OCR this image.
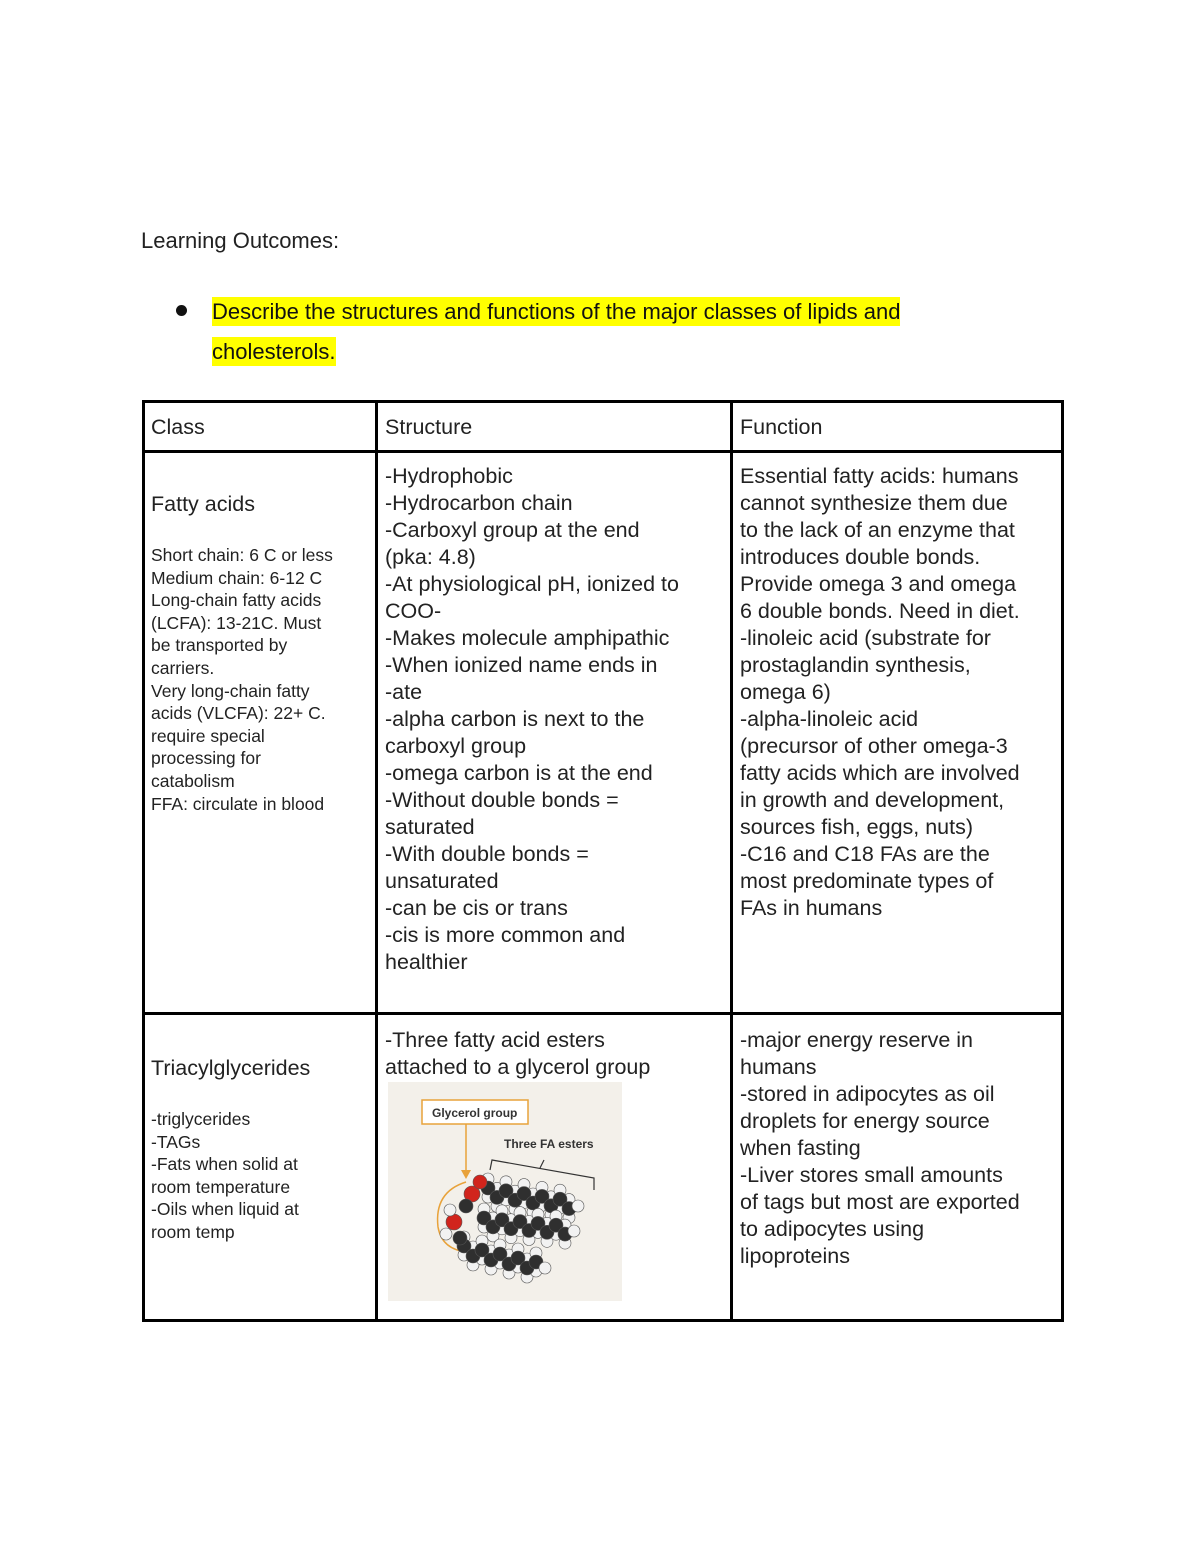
Learning Outcomes:
Describe the structures and functions of the major classes of lipids and cholesterols.
Class	Structure	Function

Fatty acids

Short chain: 6 C or less
Medium chain: 6-12 C
Long-chain fatty acids
(LCFA): 13-21C. Must
be transported by
carriers.
Very long-chain fatty
acids (VLCFA): 22+ C.
require special
processing for
catabolism
FFA: circulate in blood

-Hydrophobic
-Hydrocarbon chain
-Carboxyl group at the end
(pka: 4.8)
-At physiological pH, ionized to
COO-
-Makes molecule amphipathic
-When ionized name ends in
-ate
-alpha carbon is next to the
carboxyl group
-omega carbon is at the end
-Without double bonds =
saturated
-With double bonds =
unsaturated
-can be cis or trans
-cis is more common and
healthier
Essential fatty acids: humans
cannot synthesize them due
to the lack of an enzyme that
introduces double bonds.
Provide omega 3 and omega
6 double bonds. Need in diet.
-linoleic acid (substrate for
prostaglandin synthesis,
omega 6)
-alpha-linoleic acid
(precursor of other omega-3
fatty acids which are involved
in growth and development,
sources fish, eggs, nuts)
-C16 and C18 FAs are the
most predominate types of
FAs in humans

Triacylglycerides

-triglycerides
-TAGs
-Fats when solid at
room temperature
-Oils when liquid at
room temp

-Three fatty acid esters
attached to a glycerol group
-major energy reserve in
humans
-stored in adipocytes as oil
droplets for energy source
when fasting
-Liver stores small amounts
of tags but most are exported
to adipocytes using
lipoproteins
Glycerol group
Three FA esters
